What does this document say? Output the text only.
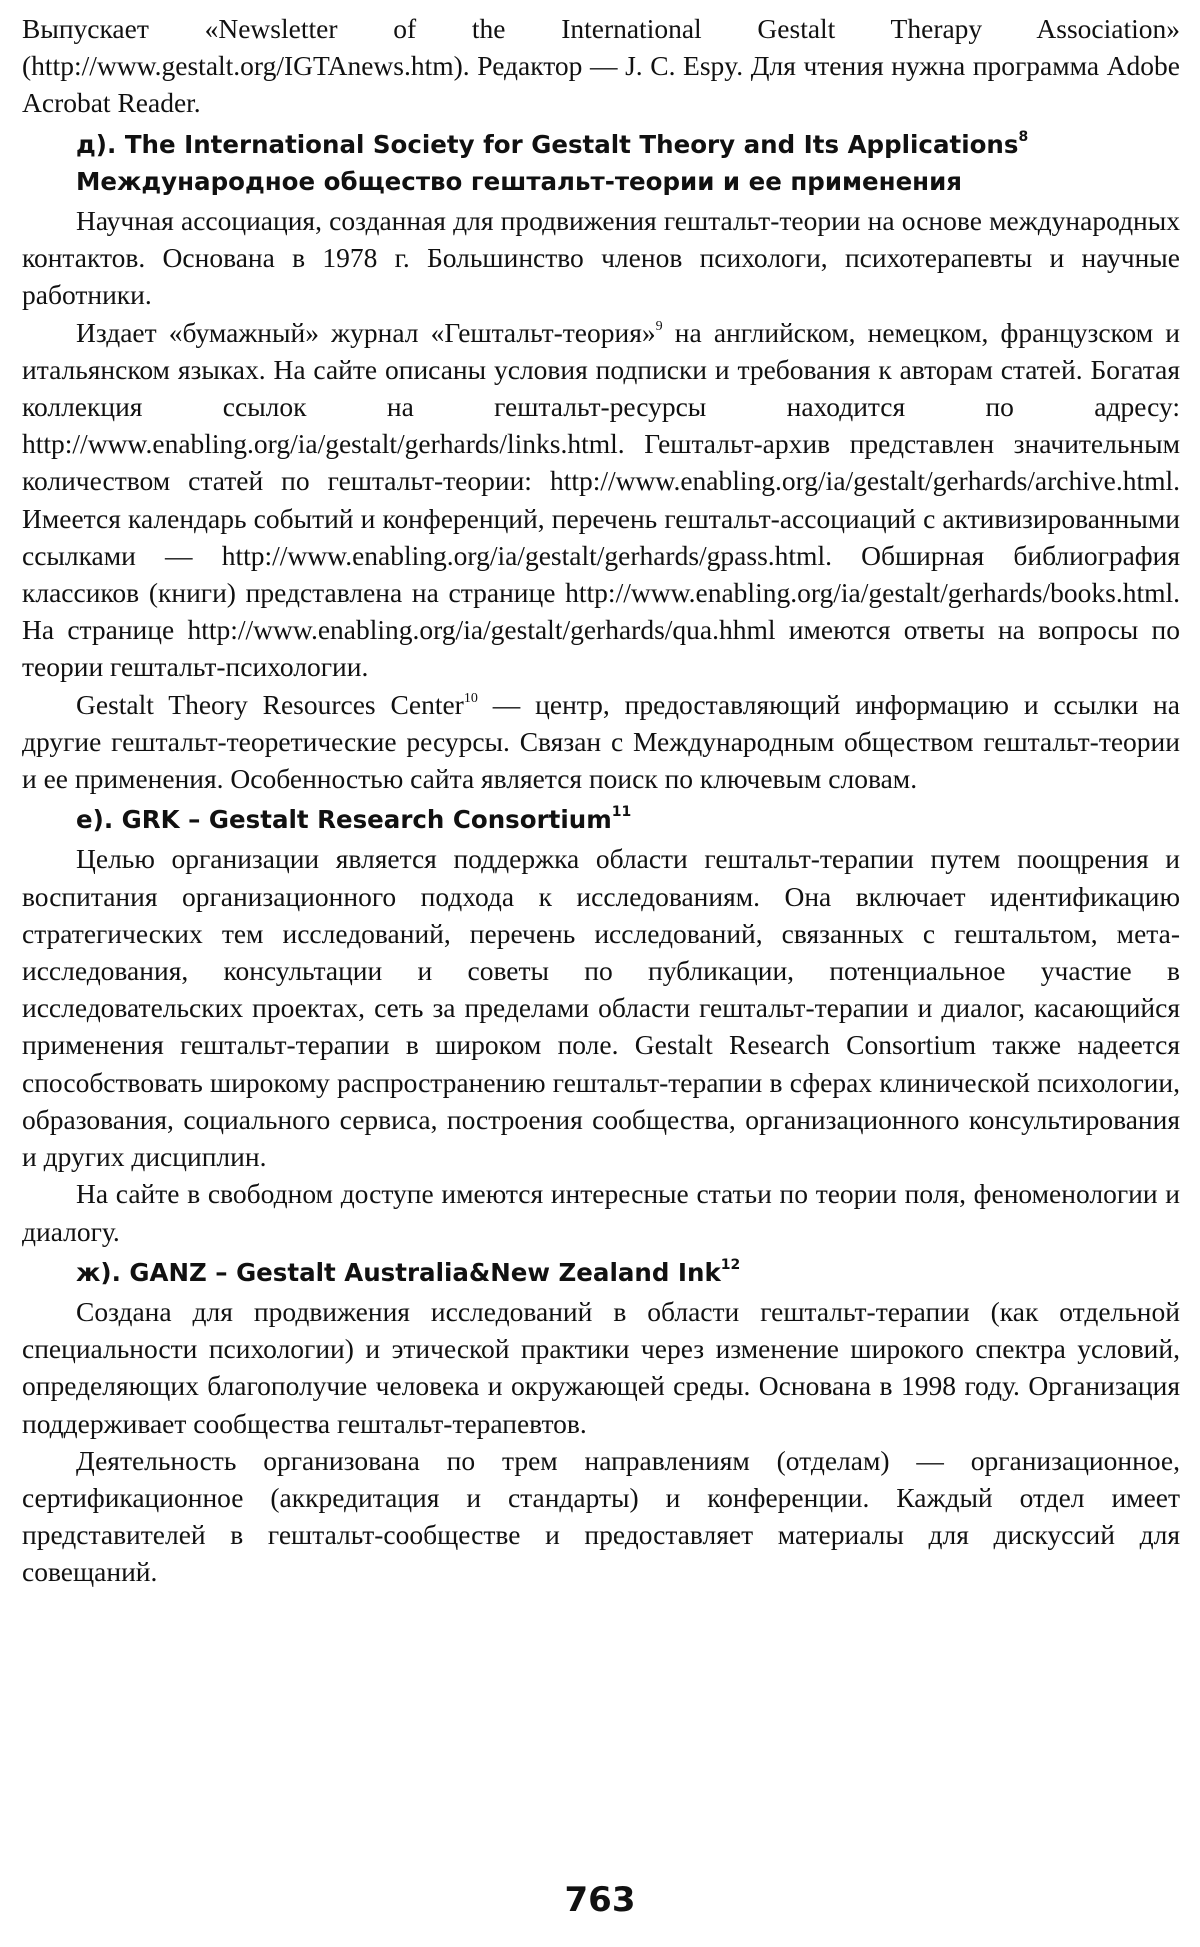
Выпускает «Newsletter of the International Gestalt Therapy Association» (http://www.gestalt.org/IGTAnews.htm). Редактор — J. C. Espy. Для чтения нужна программа Adobe Acrobat Reader.

д). The International Society for Gestalt Theory and Its Applications$^8$
Международное общество гештальт-теории и ее применения

Научная ассоциация, созданная для продвижения гештальт-теории на основе международных контактов. Основана в 1978 г. Большинство членов психологи, психотерапевты и научные работники.

Издает «бумажный» журнал «Гештальт-теория»$^9$ на английском, немецком, французском и итальянском языках. На сайте описаны условия подписки и требования к авторам статей. Богатая коллекция ссылок на гештальт-ресурсы находится по адресу: http://www.enabling.org/ia/gestalt/gerhards/links.html. Гештальт-архив представлен значительным количеством статей по гештальт-теории: http://www.enabling.org/ia/gestalt/gerhards/archive.html. Имеется календарь событий и конференций, перечень гештальт-ассоциаций с активизированными ссылками — http://www.enabling.org/ia/gestalt/gerhards/gpass.html. Обширная библиография классиков (книги) представлена на странице http://www.enabling.org/ia/gestalt/gerhards/books.html. На странице http://www.enabling.org/ia/gestalt/gerhards/qua.hhml имеются ответы на вопросы по теории гештальт-психологии.

Gestalt Theory Resources Center$^{10}$ — центр, предоставляющий информацию и ссылки на другие гештальт-теоретические ресурсы. Связан с Международным обществом гештальт-теории и ее применения. Особенностью сайта является поиск по ключевым словам.

е). GRK – Gestalt Research Consortium$^{11}$

Целью организации является поддержка области гештальт-терапии путем поощрения и воспитания организационного подхода к исследованиям. Она включает идентификацию стратегических тем исследований, перечень исследований, связанных с гештальтом, мета-исследования, консультации и советы по публикации, потенциальное участие в исследовательских проектах, сеть за пределами области гештальт-терапии и диалог, касающийся применения гештальт-терапии в широком поле. Gestalt Research Consortium также надеется способствовать широкому распространению гештальт-терапии в сферах клинической психологии, образования, социального сервиса, построения сообщества, организационного консультирования и других дисциплин.

На сайте в свободном доступе имеются интересные статьи по теории поля, феноменологии и диалогу.

ж). GANZ – Gestalt Australia&New Zealand Ink$^{12}$

Создана для продвижения исследований в области гештальт-терапии (как отдельной специальности психологии) и этической практики через изменение широкого спектра условий, определяющих благополучие человека и окружающей среды. Основана в 1998 году. Организация поддерживает сообщества гештальт-терапевтов.

Деятельность организована по трем направлениям (отделам) — организационное, сертификационное (аккредитация и стандарты) и конференции. Каждый отдел имеет представителей в гештальт-сообществе и предоставляет материалы для дискуссий для совещаний.

763
